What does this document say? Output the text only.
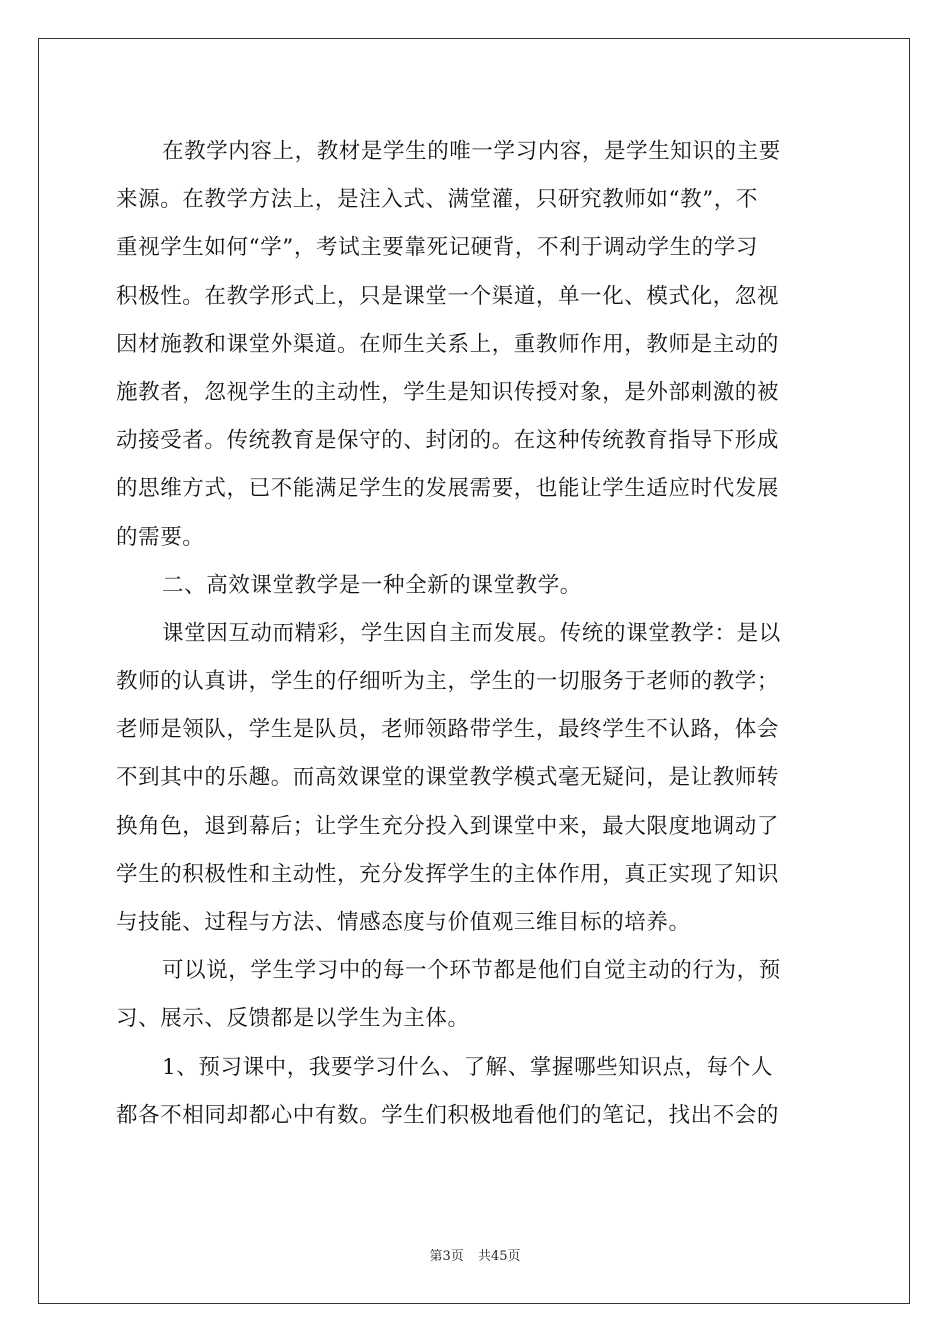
在教学内容上，教材是学生的唯一学习内容，是学生知识的主要
来源。在教学方法上，是注入式、满堂灌，只研究教师如“教”，不
重视学生如何“学”，考试主要靠死记硬背，不利于调动学生的学习
积极性。在教学形式上，只是课堂一个渠道，单一化、模式化，忽视
因材施教和课堂外渠道。在师生关系上，重教师作用，教师是主动的
施教者，忽视学生的主动性，学生是知识传授对象，是外部刺激的被
动接受者。传统教育是保守的、封闭的。在这种传统教育指导下形成
的思维方式，已不能满足学生的发展需要，也能让学生适应时代发展
的需要。
二、高效课堂教学是一种全新的课堂教学。
课堂因互动而精彩，学生因自主而发展。传统的课堂教学：是以
教师的认真讲，学生的仔细听为主，学生的一切服务于老师的教学；
老师是领队，学生是队员，老师领路带学生，最终学生不认路，体会
不到其中的乐趣。而高效课堂的课堂教学模式毫无疑问，是让教师转
换角色，退到幕后；让学生充分投入到课堂中来，最大限度地调动了
学生的积极性和主动性，充分发挥学生的主体作用，真正实现了知识
与技能、过程与方法、情感态度与价值观三维目标的培养。
可以说，学生学习中的每一个环节都是他们自觉主动的行为，预
习、展示、反馈都是以学生为主体。
1、预习课中，我要学习什么、了解、掌握哪些知识点，每个人
都各不相同却都心中有数。学生们积极地看他们的笔记，找出不会的
第3页 共45页
